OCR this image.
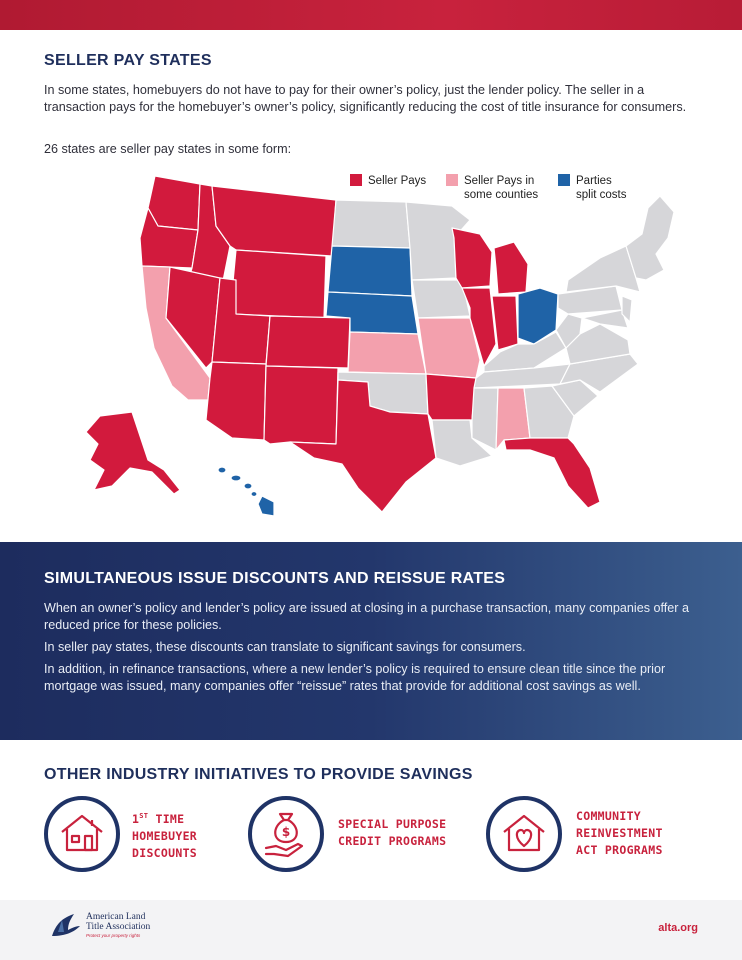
SELLER PAY STATES

In some states, homebuyers do not have to pay for their owner’s policy, just the lender policy. The seller in a transaction pays for the homebuyer’s owner’s policy, significantly reducing the cost of title insurance for consumers.

26 states are seller pay states in some form:

Seller Pays	Seller Pays in
some counties
Parties
split costs
SIMULTANEOUS ISSUE DISCOUNTS AND REISSUE RATES

When an owner’s policy and lender’s policy are issued at closing in a purchase transaction, many companies offer a reduced price for these policies.

In seller pay states, these discounts can translate to significant savings for consumers.

In addition, in refinance transactions, where a new lender’s policy is required to ensure clean title since the prior mortgage was issued, many companies offer “reissue” rates that provide for additional cost savings as well.

OTHER INDUSTRY INITIATIVES TO PROVIDE SAVINGS
1ST TIME
HOMEBUYER
DISCOUNTS
$
SPECIAL PURPOSE
CREDIT PROGRAMS
COMMUNITY
REINVESTMENT
ACT PROGRAMS
American Land
Title Association
Protect your property rights
alta.org
